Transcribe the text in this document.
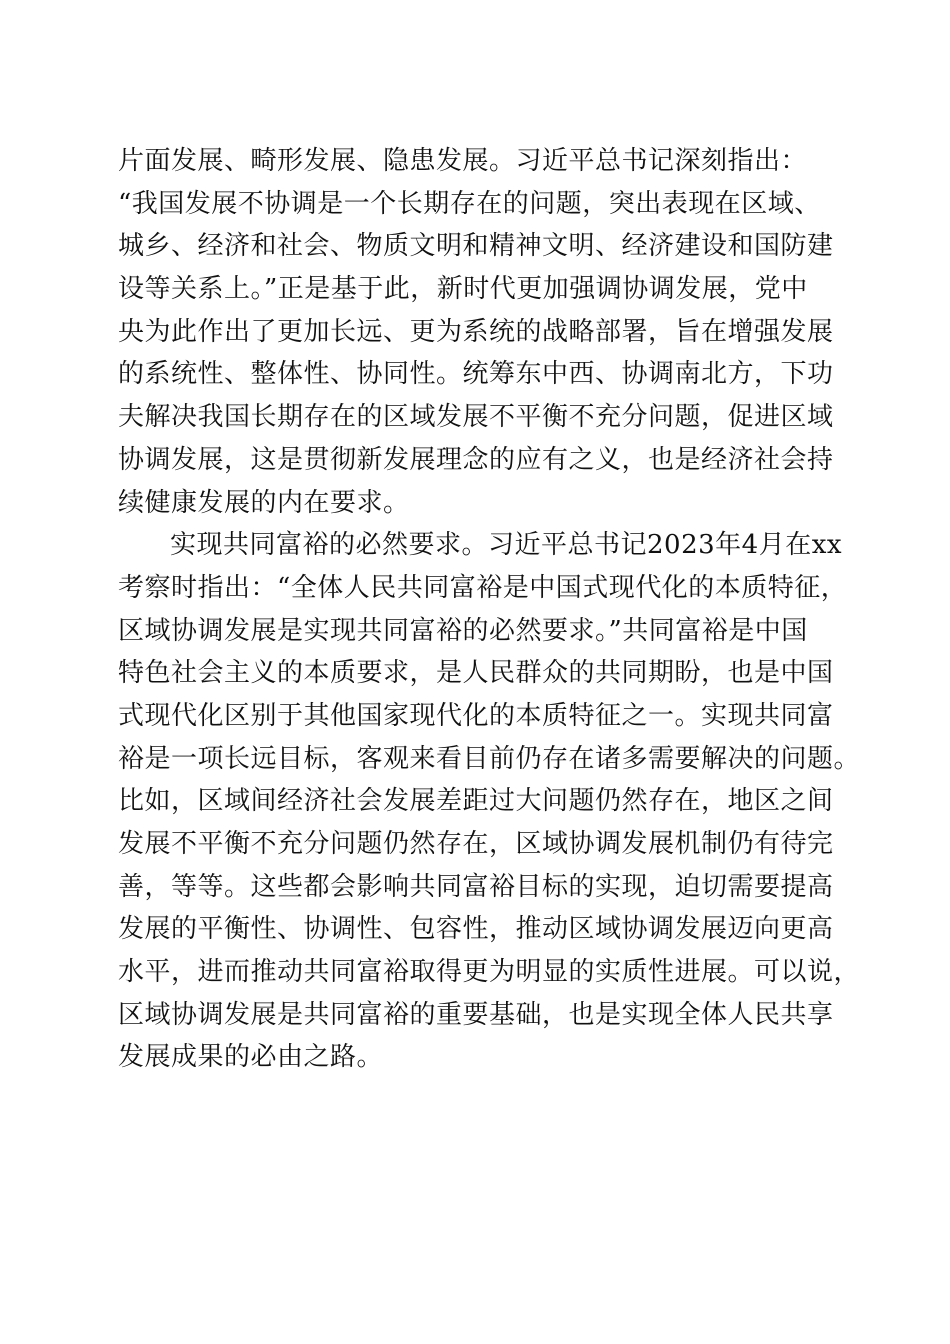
片面发展、畸形发展、隐患发展。习近平总书记深刻指出：
“我国发展不协调是一个长期存在的问题，突出表现在区域、
城乡、经济和社会、物质文明和精神文明、经济建设和国防建
设等关系上。”正是基于此，新时代更加强调协调发展，党中
央为此作出了更加长远、更为系统的战略部署，旨在增强发展
的系统性、整体性、协同性。统筹东中西、协调南北方，下功
夫解决我国长期存在的区域发展不平衡不充分问题，促进区域
协调发展，这是贯彻新发展理念的应有之义，也是经济社会持
续健康发展的内在要求。
实现共同富裕的必然要求。习近平总书记2023年4月在xx
考察时指出：“全体人民共同富裕是中国式现代化的本质特征，
区域协调发展是实现共同富裕的必然要求。”共同富裕是中国
特色社会主义的本质要求，是人民群众的共同期盼，也是中国
式现代化区别于其他国家现代化的本质特征之一。实现共同富
裕是一项长远目标，客观来看目前仍存在诸多需要解决的问题。
比如，区域间经济社会发展差距过大问题仍然存在，地区之间
发展不平衡不充分问题仍然存在，区域协调发展机制仍有待完
善，等等。这些都会影响共同富裕目标的实现，迫切需要提高
发展的平衡性、协调性、包容性，推动区域协调发展迈向更高
水平，进而推动共同富裕取得更为明显的实质性进展。可以说，
区域协调发展是共同富裕的重要基础，也是实现全体人民共享
发展成果的必由之路。
